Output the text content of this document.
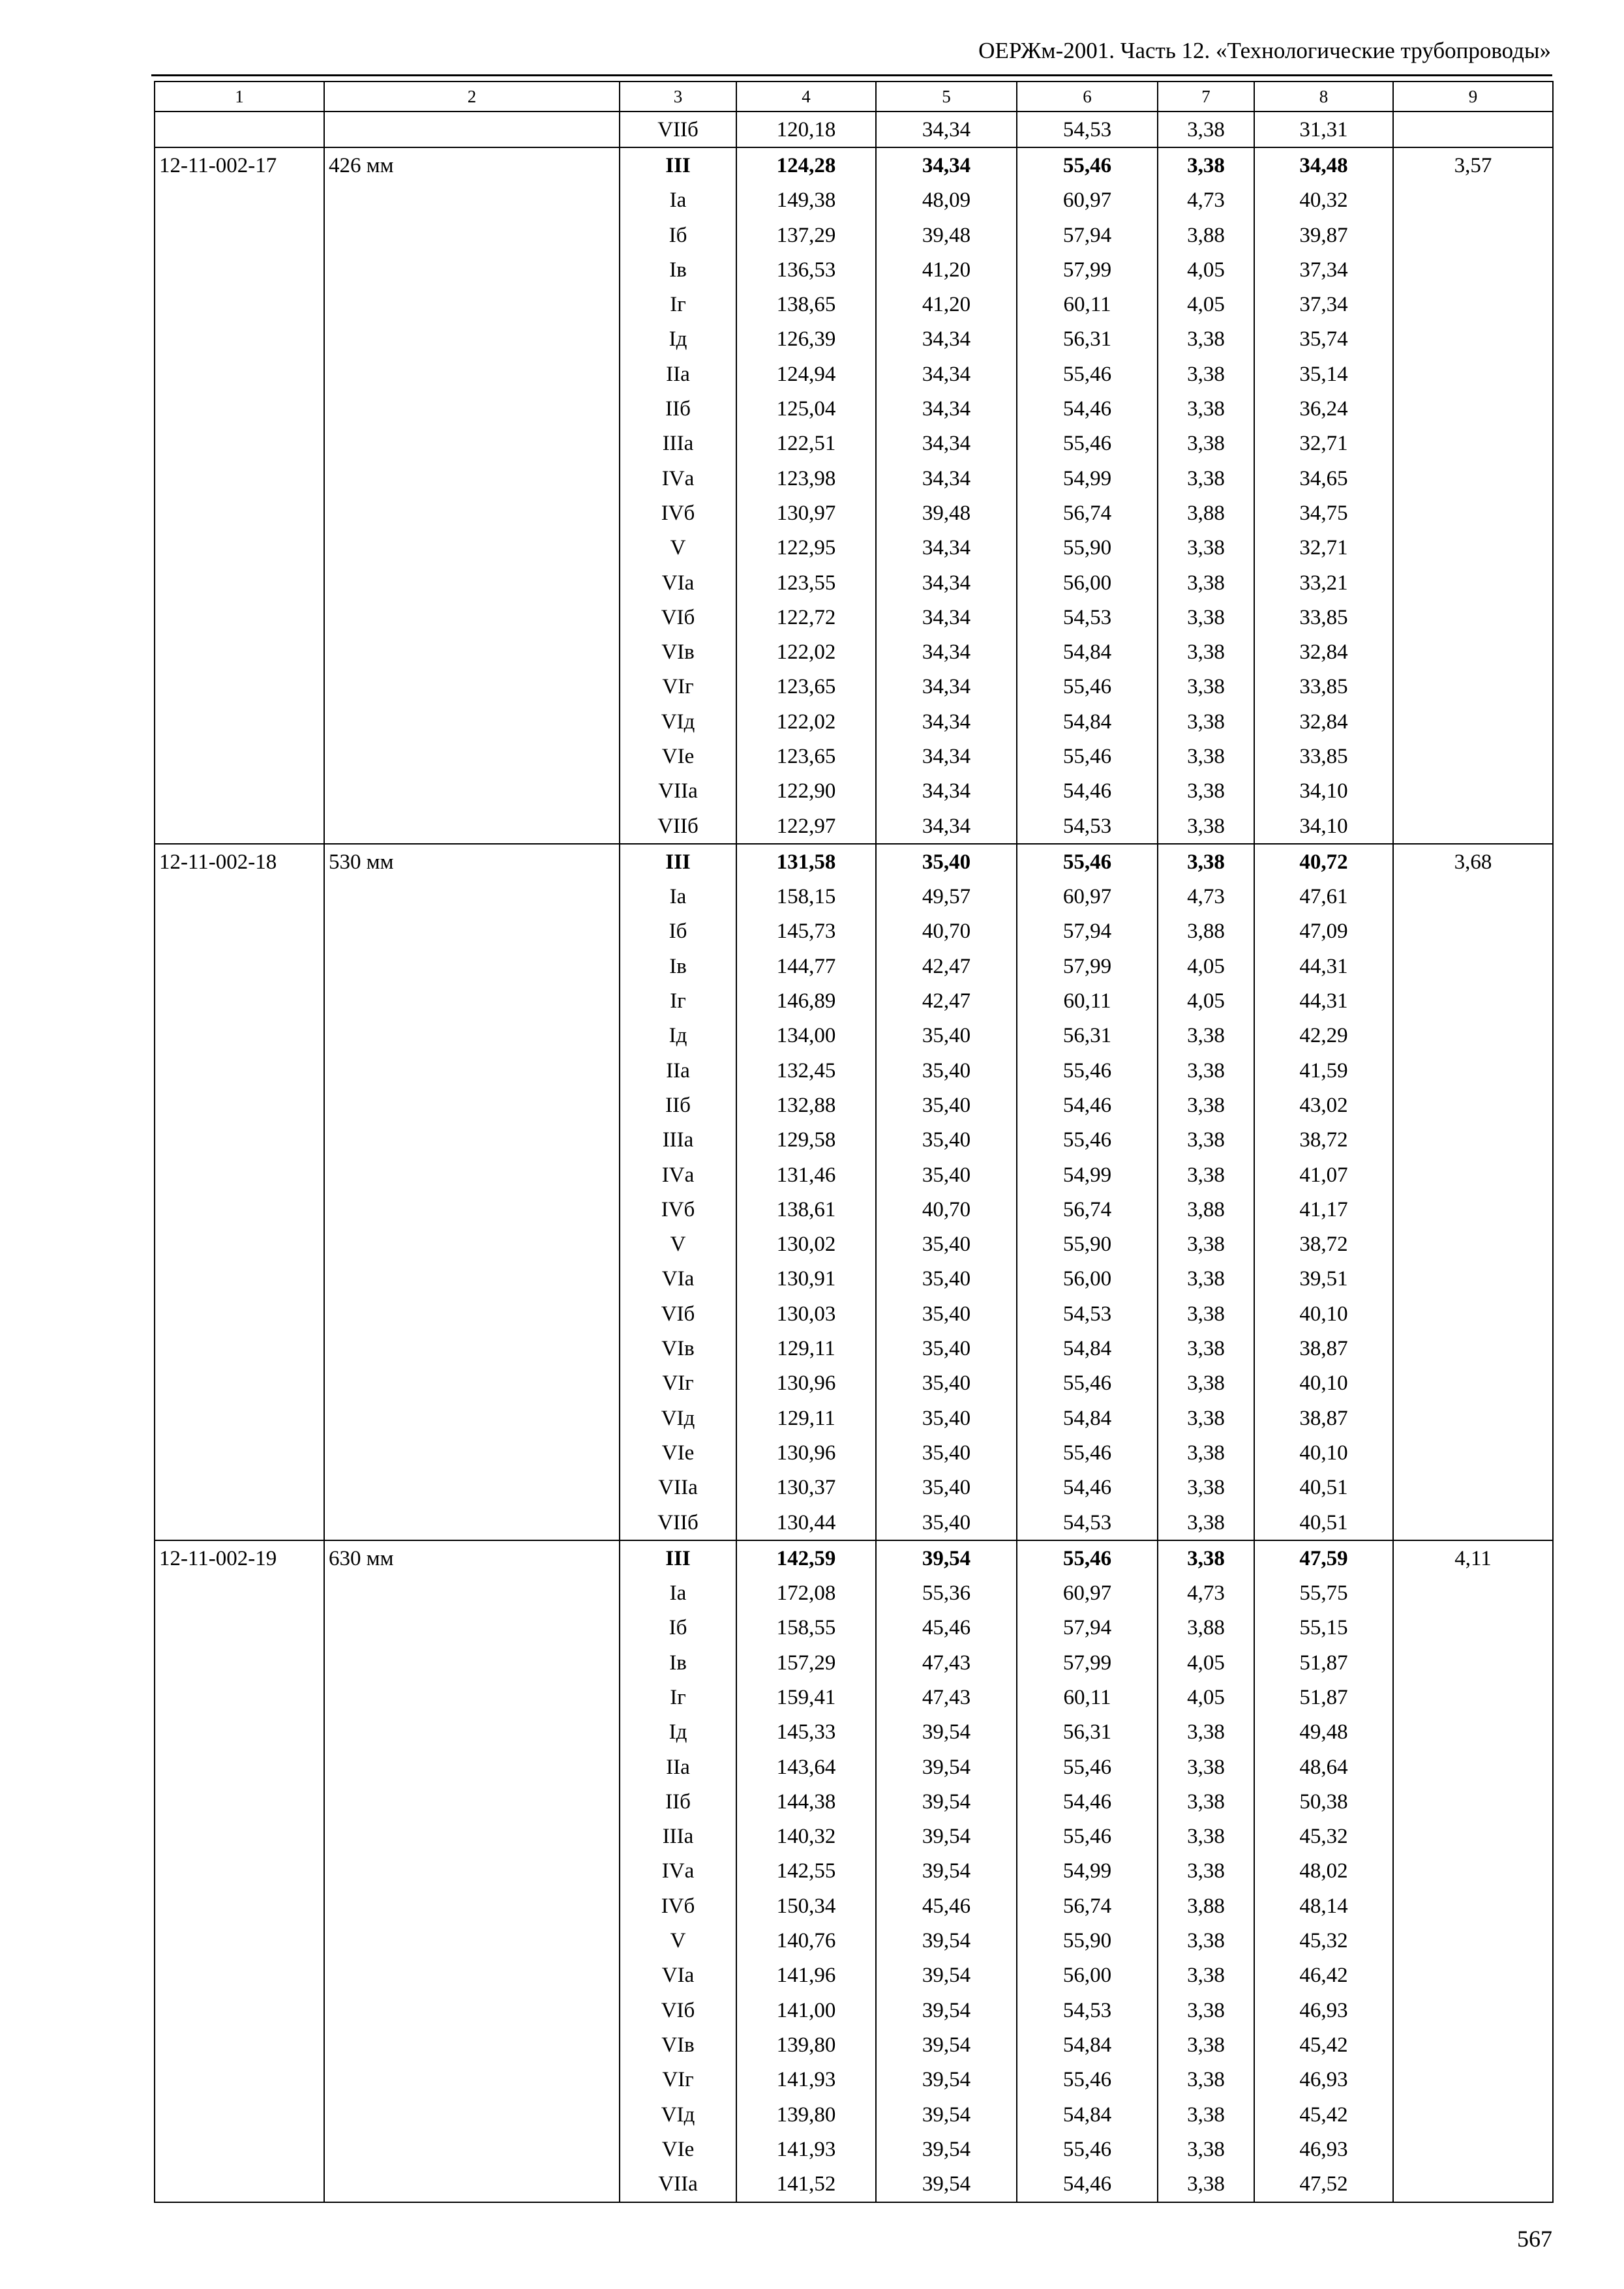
ОЕРЖм-2001. Часть 12. «Технологические трубопроводы»
1	2	3	4	5	6	7	8	9
		VIIб	120,18	34,34	54,53	3,38	31,31	
12-11-002-17	426 мм	III	124,28	34,34	55,46	3,38	34,48	3,57
		Iа	149,38	48,09	60,97	4,73	40,32	
		Iб	137,29	39,48	57,94	3,88	39,87	
		Iв	136,53	41,20	57,99	4,05	37,34	
		Iг	138,65	41,20	60,11	4,05	37,34	
		Iд	126,39	34,34	56,31	3,38	35,74	
		IIа	124,94	34,34	55,46	3,38	35,14	
		IIб	125,04	34,34	54,46	3,38	36,24	
		IIIа	122,51	34,34	55,46	3,38	32,71	
		IVа	123,98	34,34	54,99	3,38	34,65	
		IVб	130,97	39,48	56,74	3,88	34,75	
		V	122,95	34,34	55,90	3,38	32,71	
		VIа	123,55	34,34	56,00	3,38	33,21	
		VIб	122,72	34,34	54,53	3,38	33,85	
		VIв	122,02	34,34	54,84	3,38	32,84	
		VIг	123,65	34,34	55,46	3,38	33,85	
		VIд	122,02	34,34	54,84	3,38	32,84	
		VIе	123,65	34,34	55,46	3,38	33,85	
		VIIа	122,90	34,34	54,46	3,38	34,10	
		VIIб	122,97	34,34	54,53	3,38	34,10	
12-11-002-18	530 мм	III	131,58	35,40	55,46	3,38	40,72	3,68
		Iа	158,15	49,57	60,97	4,73	47,61	
		Iб	145,73	40,70	57,94	3,88	47,09	
		Iв	144,77	42,47	57,99	4,05	44,31	
		Iг	146,89	42,47	60,11	4,05	44,31	
		Iд	134,00	35,40	56,31	3,38	42,29	
		IIа	132,45	35,40	55,46	3,38	41,59	
		IIб	132,88	35,40	54,46	3,38	43,02	
		IIIа	129,58	35,40	55,46	3,38	38,72	
		IVа	131,46	35,40	54,99	3,38	41,07	
		IVб	138,61	40,70	56,74	3,88	41,17	
		V	130,02	35,40	55,90	3,38	38,72	
		VIа	130,91	35,40	56,00	3,38	39,51	
		VIб	130,03	35,40	54,53	3,38	40,10	
		VIв	129,11	35,40	54,84	3,38	38,87	
		VIг	130,96	35,40	55,46	3,38	40,10	
		VIд	129,11	35,40	54,84	3,38	38,87	
		VIе	130,96	35,40	55,46	3,38	40,10	
		VIIа	130,37	35,40	54,46	3,38	40,51	
		VIIб	130,44	35,40	54,53	3,38	40,51	
12-11-002-19	630 мм	III	142,59	39,54	55,46	3,38	47,59	4,11
		Iа	172,08	55,36	60,97	4,73	55,75	
		Iб	158,55	45,46	57,94	3,88	55,15	
		Iв	157,29	47,43	57,99	4,05	51,87	
		Iг	159,41	47,43	60,11	4,05	51,87	
		Iд	145,33	39,54	56,31	3,38	49,48	
		IIа	143,64	39,54	55,46	3,38	48,64	
		IIб	144,38	39,54	54,46	3,38	50,38	
		IIIа	140,32	39,54	55,46	3,38	45,32	
		IVа	142,55	39,54	54,99	3,38	48,02	
		IVб	150,34	45,46	56,74	3,88	48,14	
		V	140,76	39,54	55,90	3,38	45,32	
		VIа	141,96	39,54	56,00	3,38	46,42	
		VIб	141,00	39,54	54,53	3,38	46,93	
		VIв	139,80	39,54	54,84	3,38	45,42	
		VIг	141,93	39,54	55,46	3,38	46,93	
		VIд	139,80	39,54	54,84	3,38	45,42	
		VIе	141,93	39,54	55,46	3,38	46,93	
		VIIа	141,52	39,54	54,46	3,38	47,52	
567
